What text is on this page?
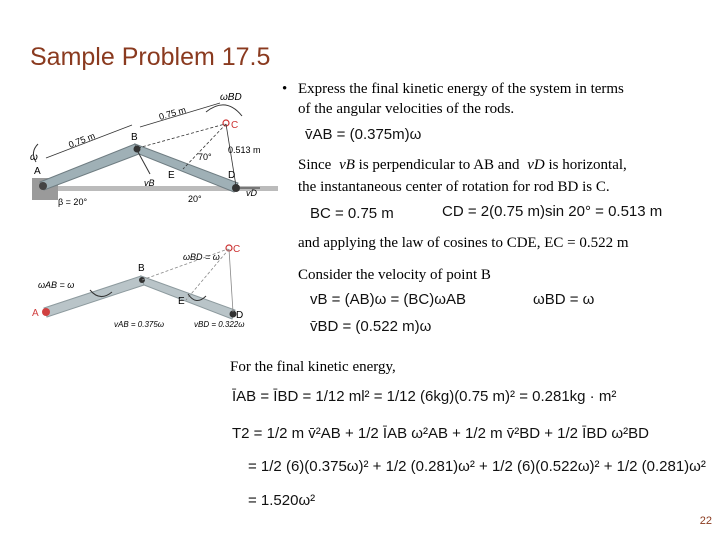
Sample Problem 17.5
ωBD
0.75 m
0.75 m
B
C
0.513 m
70°
ω
A
vB
E	D
vD
β = 20°	20°
ωBD = ω
C
B
ωAB = ω
E
A	D
vAB = 0.375ω	vBD = 0.322ω
• Express the final kinetic energy of the system in terms
of the angular velocities of the rods.
v̄AB = (0.375m)ω
Since vB is perpendicular to AB and vD is horizontal,
the instantaneous center of rotation for rod BD is C.
BC = 0.75 m	CD = 2(0.75 m)sin 20° = 0.513 m
and applying the law of cosines to CDE, EC = 0.522 m
Consider the velocity of point B
vB = (AB)ω = (BC)ωAB	ωBD = ω
v̄BD = (0.522 m)ω
For the final kinetic energy,
ĪAB = ĪBD = 1/12 ml² = 1/12 (6kg)(0.75 m)² = 0.281kg · m²
T2 = 1/2 m v̄²AB + 1/2 ĪAB ω²AB + 1/2 m v̄²BD + 1/2 ĪBD ω²BD
= 1/2 (6)(0.375ω)² + 1/2 (0.281)ω² + 1/2 (6)(0.522ω)² + 1/2 (0.281)ω²
= 1.520ω²
22
